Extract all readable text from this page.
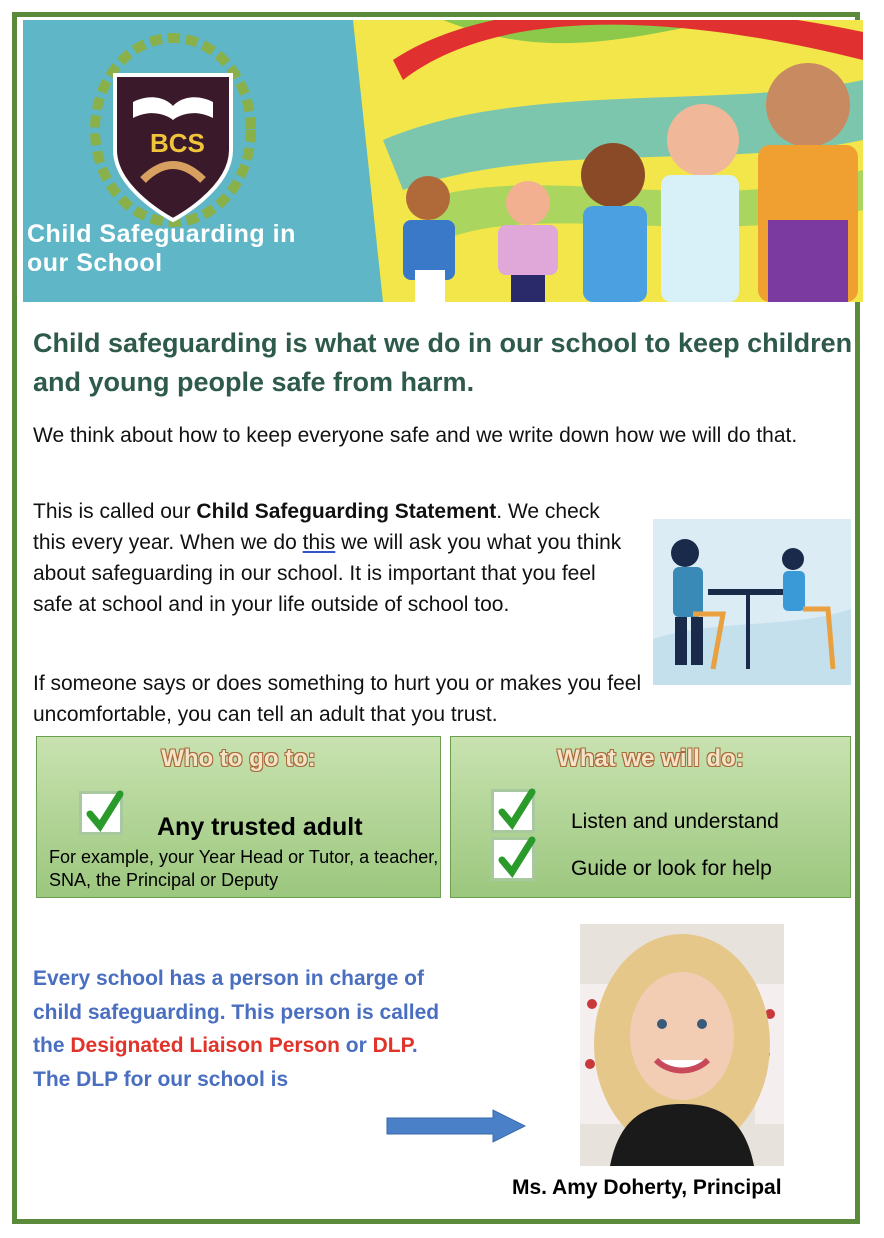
BCS
Child Safeguarding in
our School
Child safeguarding is what we do in our school to keep children and young people safe from harm.
We think about how to keep everyone safe and we write down how we will do that.
This is called our Child Safeguarding Statement. We check this every year. When we do this we will ask you what you think about safeguarding in our school. It is important that you feel safe at school and in your life outside of school too.
If someone says or does something to hurt you or makes you feel uncomfortable, you can tell an adult that you trust.
Who to go to:
Any trusted adult
For example, your Year Head or Tutor, a teacher, SNA, the Principal or Deputy
What we will do:
Listen and understand
Guide or look for help
Every school has a person in charge of child safeguarding. This person is called the Designated Liaison Person or DLP. The DLP for our school is
Ms. Amy Doherty, Principal
